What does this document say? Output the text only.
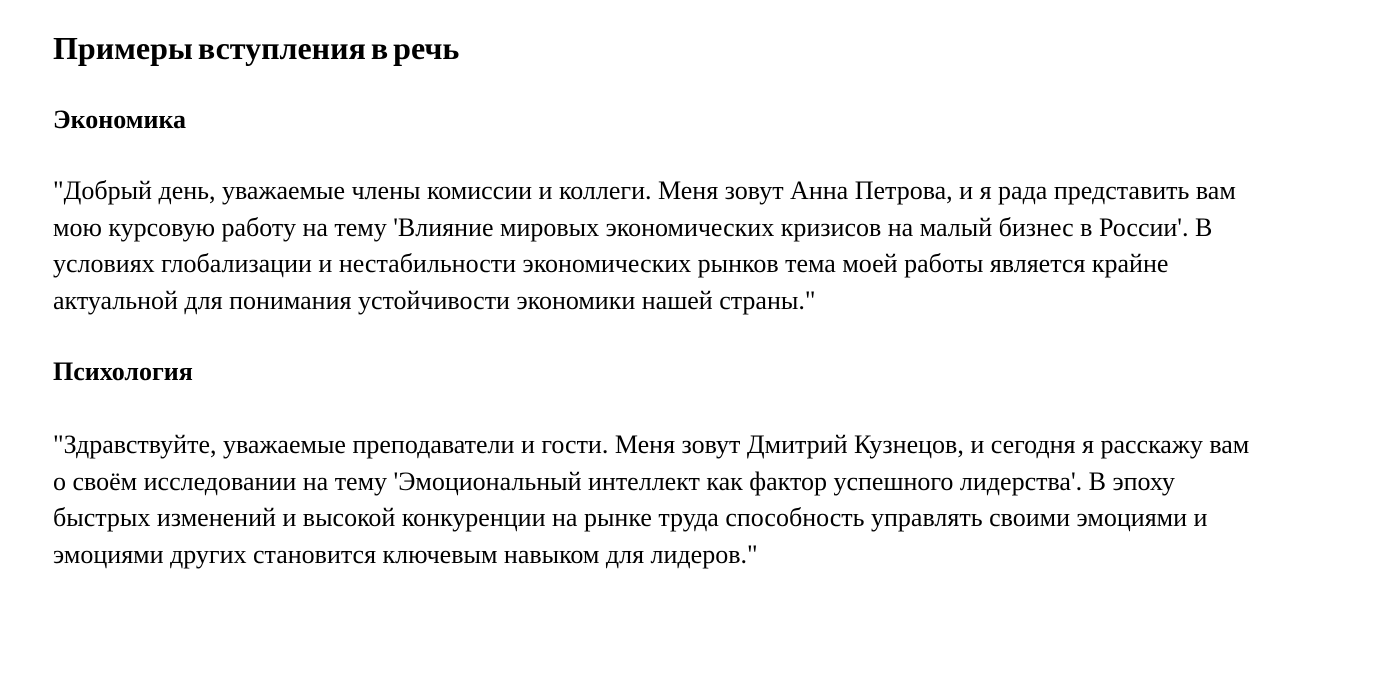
Примеры вступления в речь
Экономика

"Добрый день, уважаемые члены комиссии и коллеги. Меня зовут Анна Петрова, и я рада представить вам мою курсовую работу на тему 'Влияние мировых экономических кризисов на малый бизнес в России'. В условиях глобализации и нестабильности экономических рынков тема моей работы является крайне актуальной для понимания устойчивости экономики нашей страны."

Психология

"Здравствуйте, уважаемые преподаватели и гости. Меня зовут Дмитрий Кузнецов, и сегодня я расскажу вам о своём исследовании на тему 'Эмоциональный интеллект как фактор успешного лидерства'. В эпоху быстрых изменений и высокой конкуренции на рынке труда способность управлять своими эмоциями и эмоциями других становится ключевым навыком для лидеров."
